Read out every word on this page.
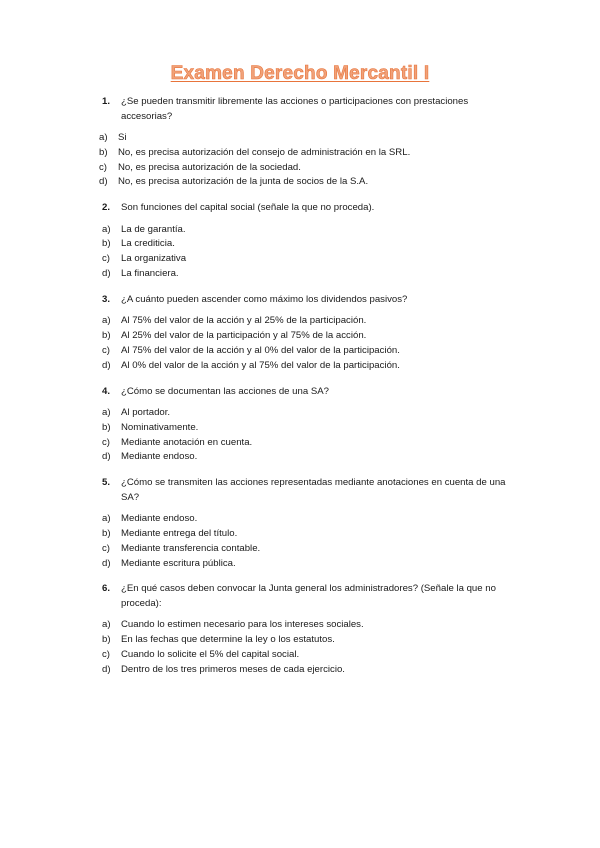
Examen Derecho Mercantil I
1. ¿Se pueden transmitir libremente las acciones o participaciones con prestaciones accesorias?
a) Si
b) No, es precisa autorización del consejo de administración en la SRL.
c) No, es precisa autorización de la sociedad.
d) No, es precisa autorización de la junta de socios de la S.A.
2. Son funciones del capital social (señale la que no proceda).
a) La de garantía.
b) La crediticia.
c) La organizativa
d) La financiera.
3. ¿A cuánto pueden ascender como máximo los dividendos pasivos?
a) Al 75% del valor de la acción y al 25% de la participación.
b) Al 25% del valor de la participación y al 75% de la acción.
c) Al 75% del valor de la acción y al 0% del valor de la participación.
d) Al 0% del valor de la acción y al 75% del valor de la participación.
4. ¿Cómo se documentan las acciones de una SA?
a) Al portador.
b) Nominativamente.
c) Mediante anotación en cuenta.
d) Mediante endoso.
5. ¿Cómo se transmiten las acciones representadas mediante anotaciones en cuenta de una SA?
a) Mediante endoso.
b) Mediante entrega del título.
c) Mediante transferencia contable.
d) Mediante escritura pública.
6. ¿En qué casos deben convocar la Junta general los administradores? (Señale la que no proceda):
a) Cuando lo estimen necesario para los intereses sociales.
b) En las fechas que determine la ley o los estatutos.
c) Cuando lo solicite el 5% del capital social.
d) Dentro de los tres primeros meses de cada ejercicio.
